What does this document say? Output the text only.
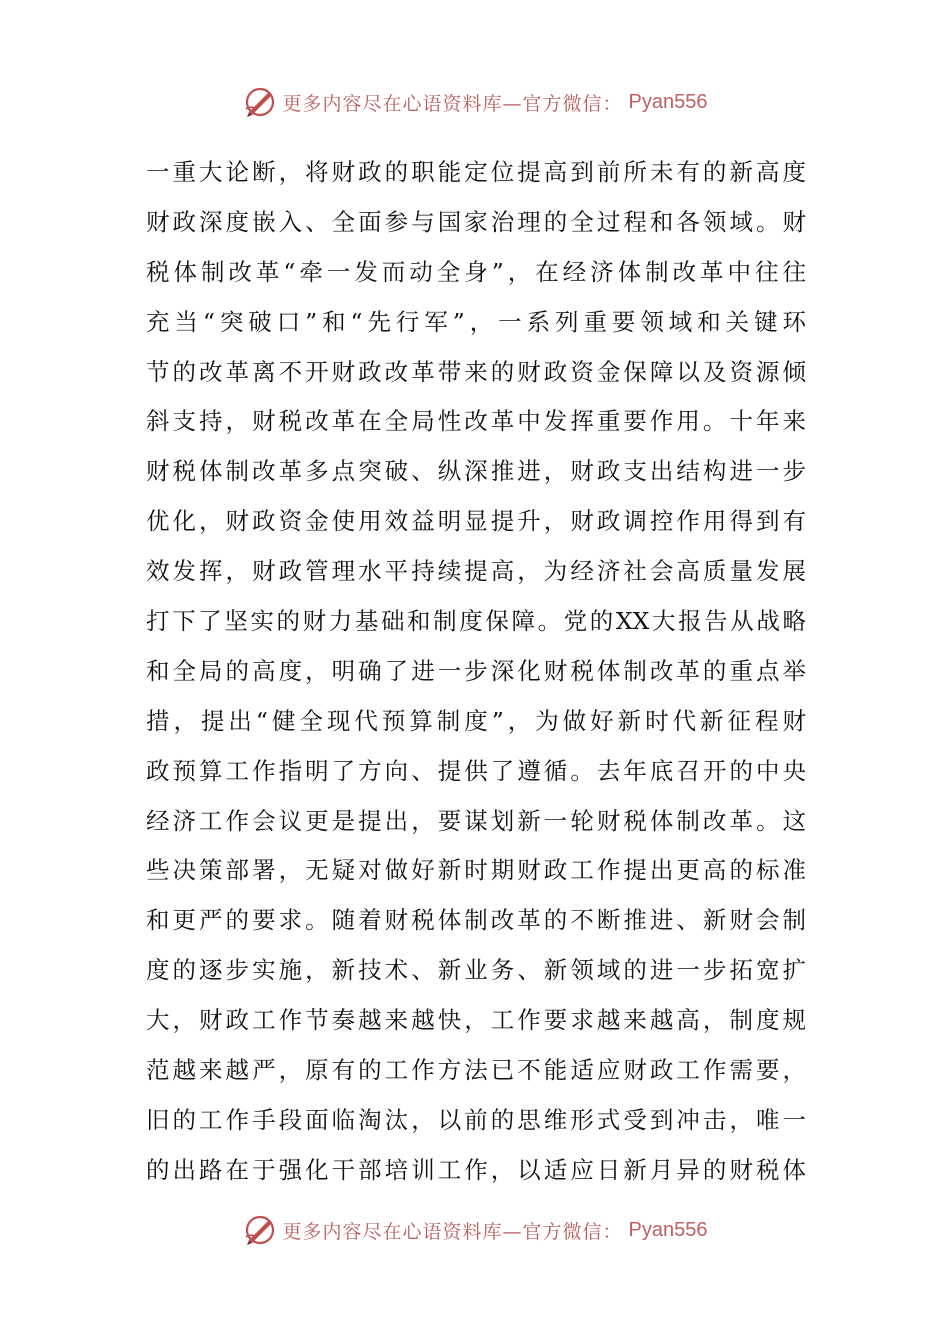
更多内容尽在心语资料库—官方微信： Pyan556
一重大论断，将财政的职能定位提高到前所未有的新高度
财政深度嵌入、全面参与国家治理的全过程和各领域。财
税体制改革“牵一发而动全身”，在经济体制改革中往往
充当“突破口”和“先行军”，一系列重要领域和关键环
节的改革离不开财政改革带来的财政资金保障以及资源倾
斜支持，财税改革在全局性改革中发挥重要作用。十年来
财税体制改革多点突破、纵深推进，财政支出结构进一步
优化，财政资金使用效益明显提升，财政调控作用得到有
效发挥，财政管理水平持续提高，为经济社会高质量发展
打下了坚实的财力基础和制度保障。党的XX大报告从战略
和全局的高度，明确了进一步深化财税体制改革的重点举
措，提出“健全现代预算制度”，为做好新时代新征程财
政预算工作指明了方向、提供了遵循。去年底召开的中央
经济工作会议更是提出，要谋划新一轮财税体制改革。这
些决策部署，无疑对做好新时期财政工作提出更高的标准
和更严的要求。随着财税体制改革的不断推进、新财会制
度的逐步实施，新技术、新业务、新领域的进一步拓宽扩
大，财政工作节奏越来越快，工作要求越来越高，制度规
范越来越严，原有的工作方法已不能适应财政工作需要，
旧的工作手段面临淘汰，以前的思维形式受到冲击，唯一
的出路在于强化干部培训工作，以适应日新月异的财税体
更多内容尽在心语资料库—官方微信： Pyan556
